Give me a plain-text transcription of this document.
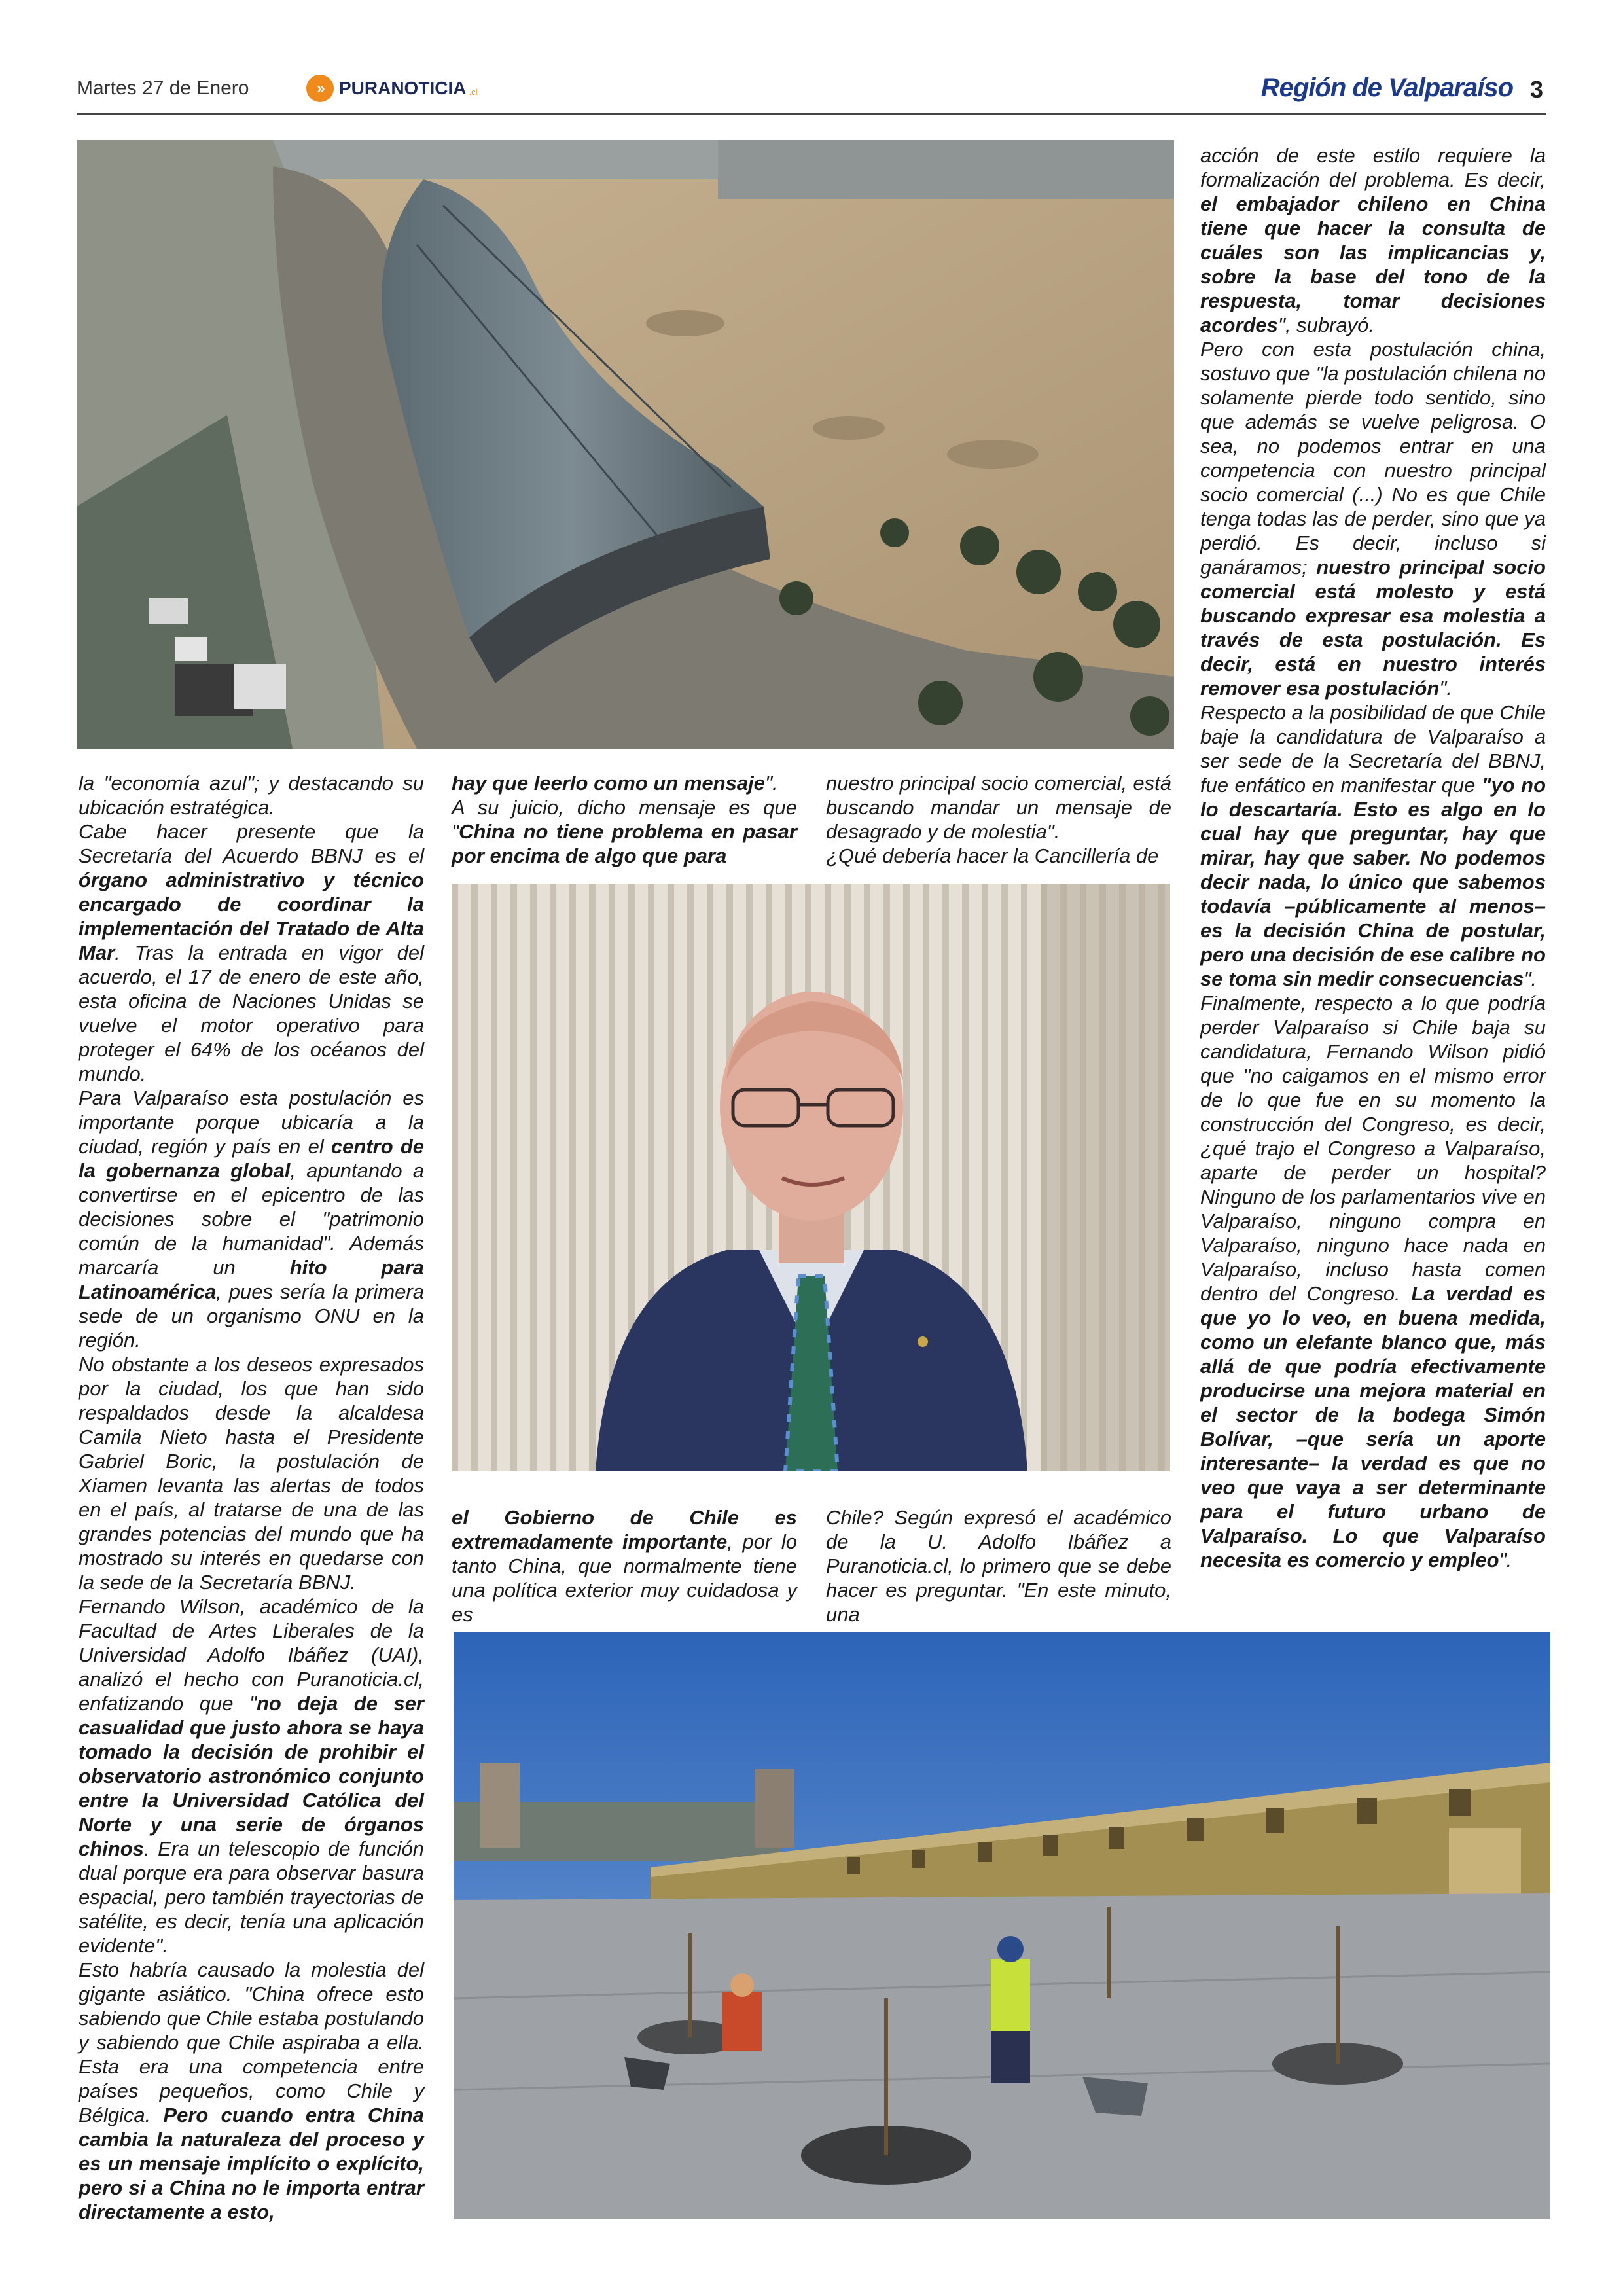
Martes 27 de Enero	» PURANOTICIA .cl	Región de Valparaíso 3

la "economía azul"; y destacando su ubicación estratégica.

Cabe hacer presente que la Secretaría del Acuerdo BBNJ es el órgano administrativo y técnico encargado de coordinar la implementación del Tratado de Alta Mar. Tras la entrada en vigor del acuerdo, el 17 de enero de este año, esta oficina de Naciones Unidas se vuelve el motor operativo para proteger el 64% de los océanos del mundo.

Para Valparaíso esta postulación es importante porque ubicaría a la ciudad, región y país en el centro de la gobernanza global, apuntando a convertirse en el epicentro de las decisiones sobre el "patrimonio común de la humanidad". Además marcaría un hito para Latinoamérica, pues sería la primera sede de un organismo ONU en la región.

No obstante a los deseos expresados por la ciudad, los que han sido respaldados desde la alcaldesa Camila Nieto hasta el Presidente Gabriel Boric, la postulación de Xiamen levanta las alertas de todos en el país, al tratarse de una de las grandes potencias del mundo que ha mostrado su interés en quedarse con la sede de la Secretaría BBNJ.

Fernando Wilson, académico de la Facultad de Artes Liberales de la Universidad Adolfo Ibáñez (UAI), analizó el hecho con Puranoticia.cl, enfatizando que "no deja de ser casualidad que justo ahora se haya tomado la decisión de prohibir el observatorio astronómico conjunto entre la Universidad Católica del Norte y una serie de órganos chinos. Era un telescopio de función dual porque era para observar basura espacial, pero también trayectorias de satélite, es decir, tenía una aplicación evidente".

Esto habría causado la molestia del gigante asiático. "China ofrece esto sabiendo que Chile estaba postulando y sabiendo que Chile aspiraba a ella. Esta era una competencia entre países pequeños, como Chile y Bélgica. Pero cuando entra China cambia la naturaleza del proceso y es un mensaje implícito o explícito, pero si a China no le importa entrar directamente a esto,

hay que leerlo como un mensaje".

A su juicio, dicho mensaje es que "China no tiene problema en pasar por encima de algo que para

el Gobierno de Chile es extremadamente importante, por lo tanto China, que normalmente tiene una política exterior muy cuidadosa y es

nuestro principal socio comercial, está buscando mandar un mensaje de desagrado y de molestia".

¿Qué debería hacer la Cancillería de

Chile? Según expresó el académico de la U. Adolfo Ibáñez a Puranoticia.cl, lo primero que se debe hacer es preguntar. "En este minuto, una

acción de este estilo requiere la formalización del problema. Es decir, el embajador chileno en China tiene que hacer la consulta de cuáles son las implicancias y, sobre la base del tono de la respuesta, tomar decisiones acordes", subrayó.

Pero con esta postulación china, sostuvo que "la postulación chilena no solamente pierde todo sentido, sino que además se vuelve peligrosa. O sea, no podemos entrar en una competencia con nuestro principal socio comercial (...) No es que Chile tenga todas las de perder, sino que ya perdió. Es decir, incluso si ganáramos; nuestro principal socio comercial está molesto y está buscando expresar esa molestia a través de esta postulación. Es decir, está en nuestro interés remover esa postulación".

Respecto a la posibilidad de que Chile baje la candidatura de Valparaíso a ser sede de la Secretaría del BBNJ, fue enfático en manifestar que "yo no lo descartaría. Esto es algo en lo cual hay que preguntar, hay que mirar, hay que saber. No podemos decir nada, lo único que sabemos todavía –públicamente al menos– es la decisión China de postular, pero una decisión de ese calibre no se toma sin medir consecuencias".

Finalmente, respecto a lo que podría perder Valparaíso si Chile baja su candidatura, Fernando Wilson pidió que "no caigamos en el mismo error de lo que fue en su momento la construcción del Congreso, es decir, ¿qué trajo el Congreso a Valparaíso, aparte de perder un hospital? Ninguno de los parlamentarios vive en Valparaíso, ninguno compra en Valparaíso, ninguno hace nada en Valparaíso, incluso hasta comen dentro del Congreso. La verdad es que yo lo veo, en buena medida, como un elefante blanco que, más allá de que podría efectivamente producirse una mejora material en el sector de la bodega Simón Bolívar, –que sería un aporte interesante– la verdad es que no veo que vaya a ser determinante para el futuro urbano de Valparaíso. Lo que Valparaíso necesita es comercio y empleo".
